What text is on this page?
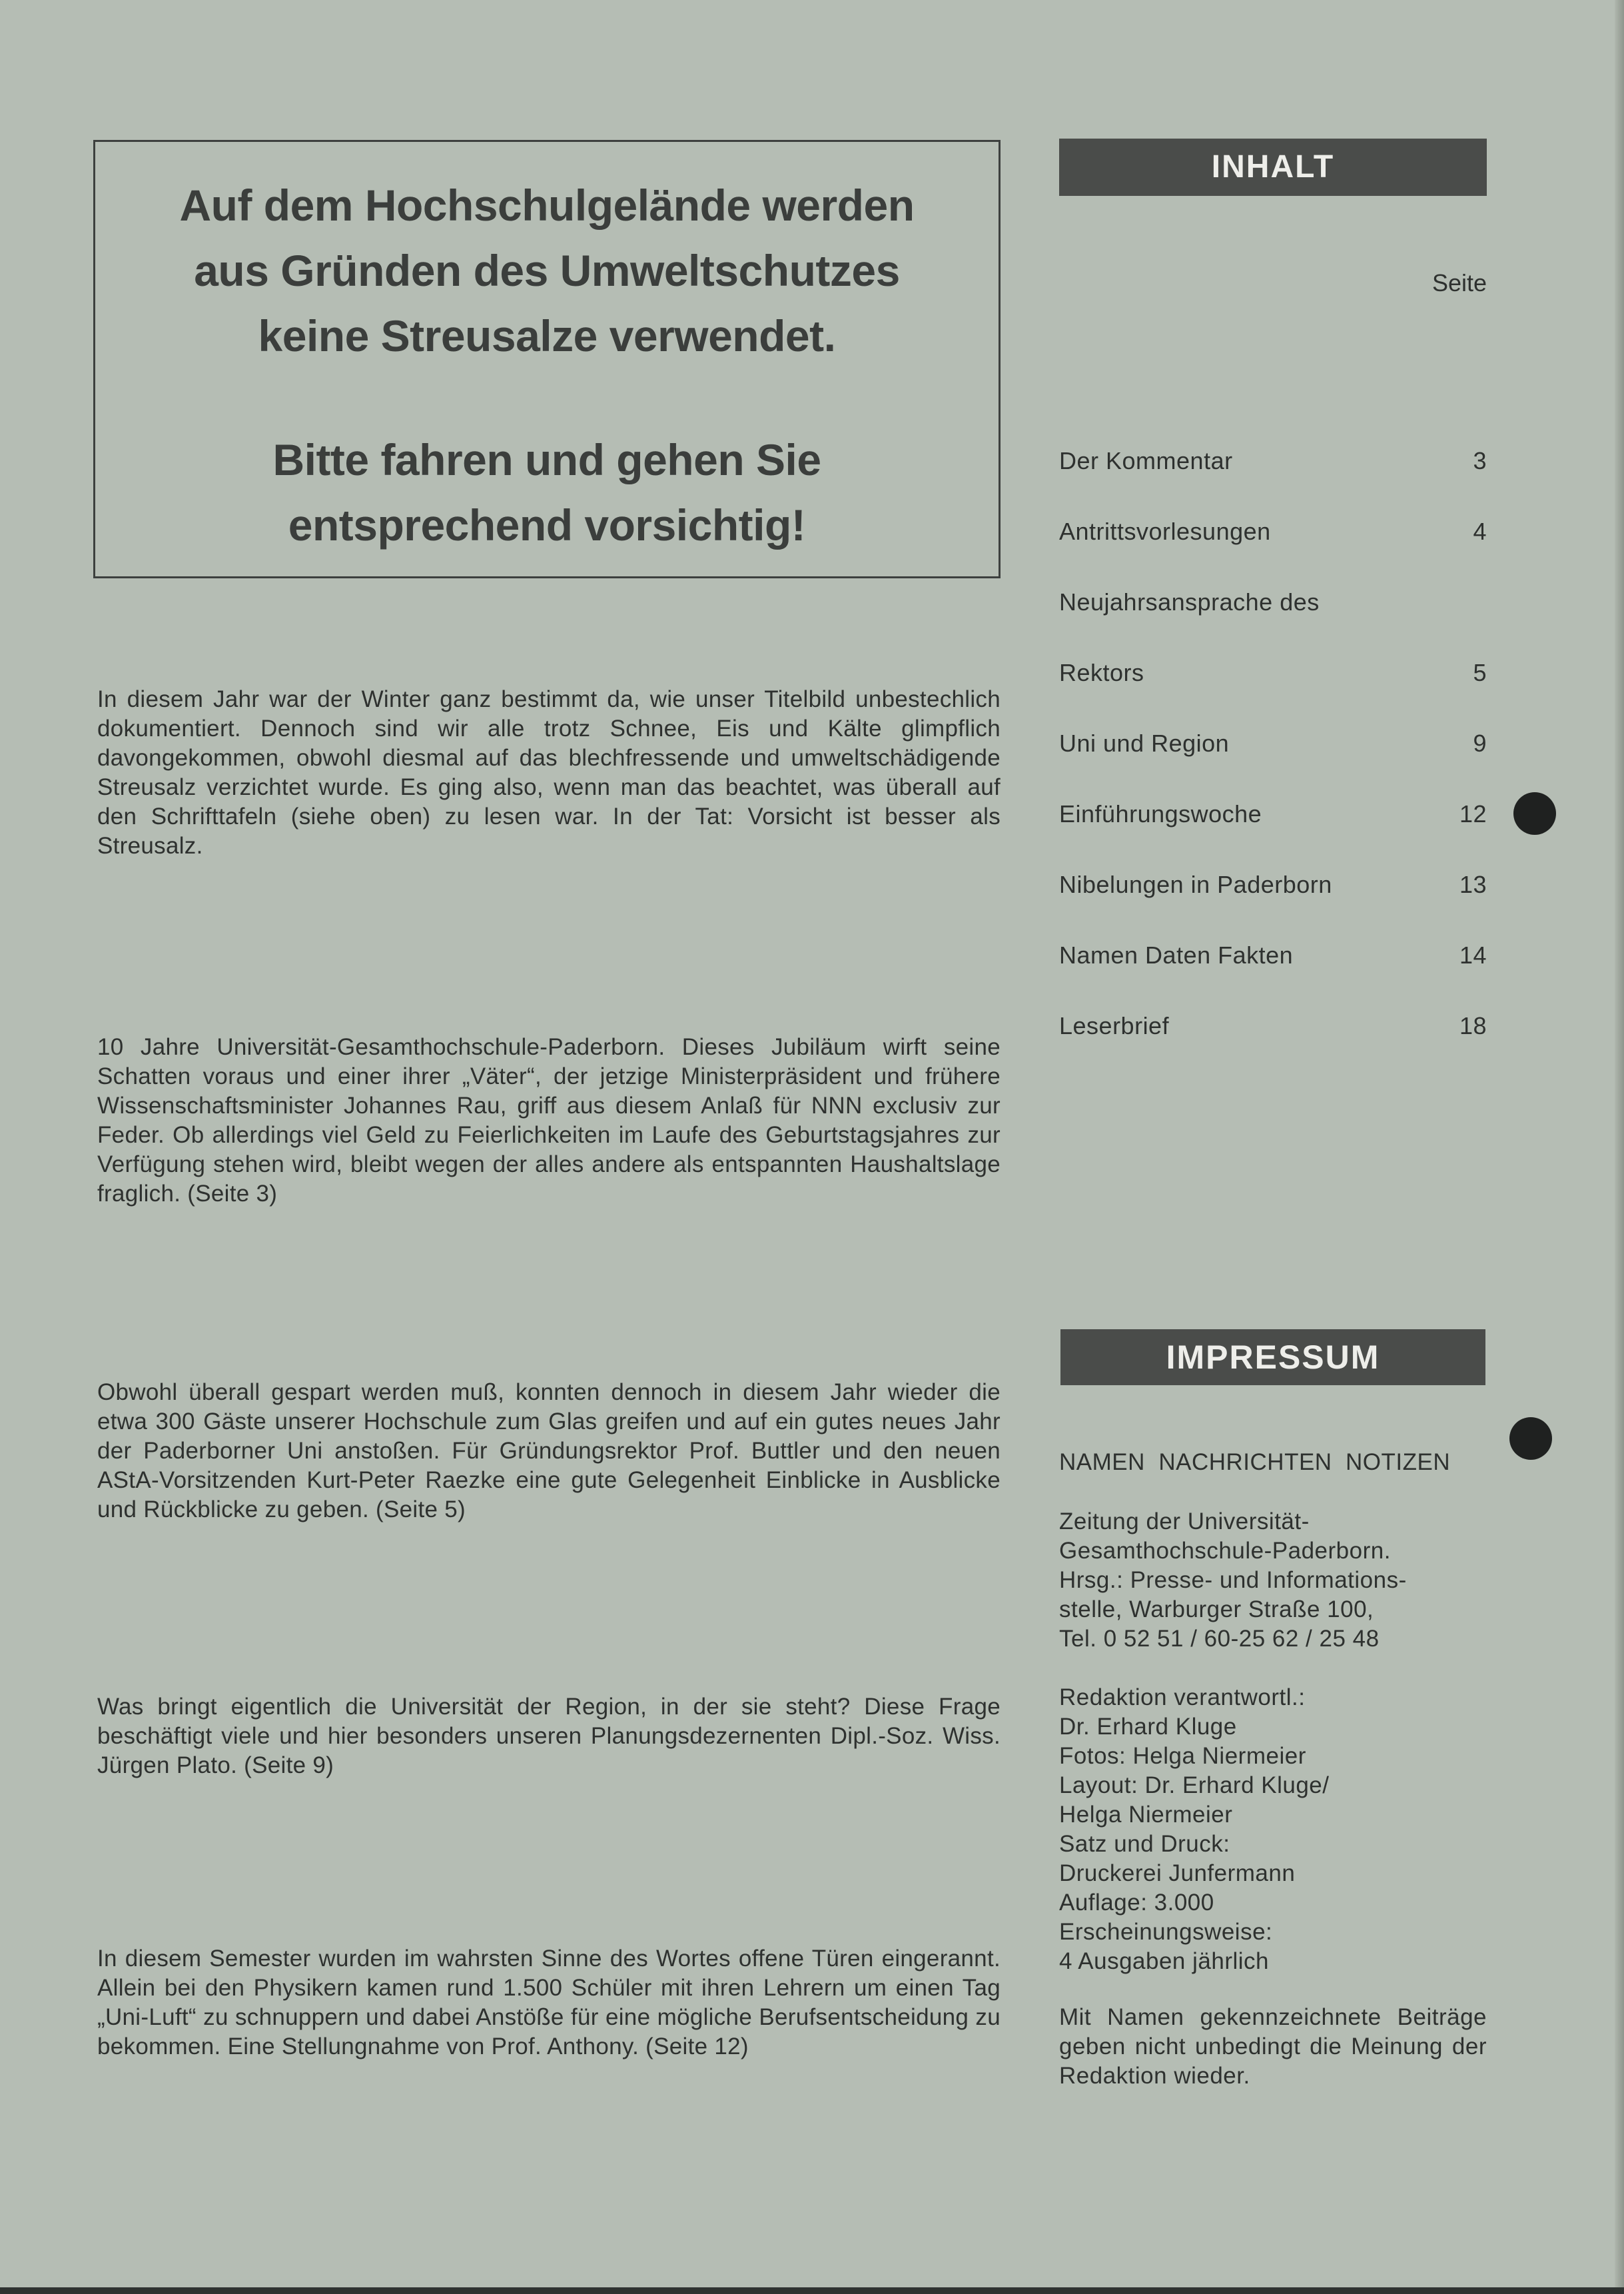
Auf dem Hochschulgelände werden

aus Gründen des Umweltschutzes

keine Streusalze verwendet.

Bitte fahren und gehen Sie

entsprechend vorsichtig!

In diesem Jahr war der Winter ganz bestimmt da, wie unser Titelbild unbestechlich dokumentiert. Dennoch sind wir alle trotz Schnee, Eis und Kälte glimpflich davongekommen, obwohl diesmal auf das blechfressende und umweltschädigende Streusalz verzichtet wurde. Es ging also, wenn man das beachtet, was überall auf den Schrifttafeln (siehe oben) zu lesen war. In der Tat: Vorsicht ist besser als Streusalz.

10 Jahre Universität-Gesamthochschule-Paderborn. Dieses Jubiläum wirft seine Schatten voraus und einer ihrer „Väter“, der jetzige Ministerpräsident und frühere Wissenschaftsminister Johannes Rau, griff aus diesem Anlaß für NNN exclusiv zur Feder. Ob allerdings viel Geld zu Feierlichkeiten im Laufe des Geburtstagsjahres zur Verfügung stehen wird, bleibt wegen der alles andere als entspannten Haushaltslage fraglich. (Seite 3)

Obwohl überall gespart werden muß, konnten dennoch in diesem Jahr wieder die etwa 300 Gäste unserer Hochschule zum Glas greifen und auf ein gutes neues Jahr der Paderborner Uni anstoßen. Für Gründungsrektor Prof. Buttler und den neuen AStA-Vorsitzenden Kurt-Peter Raezke eine gute Gelegenheit Einblicke in Ausblicke und Rückblicke zu geben. (Seite 5)

Was bringt eigentlich die Universität der Region, in der sie steht? Diese Frage beschäftigt viele und hier besonders unseren Planungsdezernenten Dipl.-Soz. Wiss. Jürgen Plato. (Seite 9)

In diesem Semester wurden im wahrsten Sinne des Wortes offene Türen eingerannt. Allein bei den Physikern kamen rund 1.500 Schüler mit ihren Lehrern um einen Tag „Uni-Luft“ zu schnuppern und dabei Anstöße für eine mögliche Berufsentscheidung zu bekommen. Eine Stellungnahme von Prof. Anthony. (Seite 12)

INHALT
Seite
Der Kommentar	3
Antrittsvorlesungen	4
Neujahrsansprache des
Rektors	5
Uni und Region	9
Einführungswoche	12
Nibelungen in Paderborn	13
Namen Daten Fakten	14
Leserbrief	18
IMPRESSUM

NAMEN  NACHRICHTEN  NOTIZEN

Zeitung der Universität-
Gesamthochschule-Paderborn.
Hrsg.: Presse- und Informations-
stelle, Warburger Straße 100,
Tel. 0 52 51 / 60-25 62 / 25 48
Redaktion verantwortl.:
Dr. Erhard Kluge
Fotos: Helga Niermeier
Layout: Dr. Erhard Kluge/
Helga Niermeier
Satz und Druck:
Druckerei Junfermann
Auflage: 3.000
Erscheinungsweise:
4 Ausgaben jährlich

Mit Namen gekennzeichnete Beiträge geben nicht unbedingt die Meinung der Redaktion wieder.
